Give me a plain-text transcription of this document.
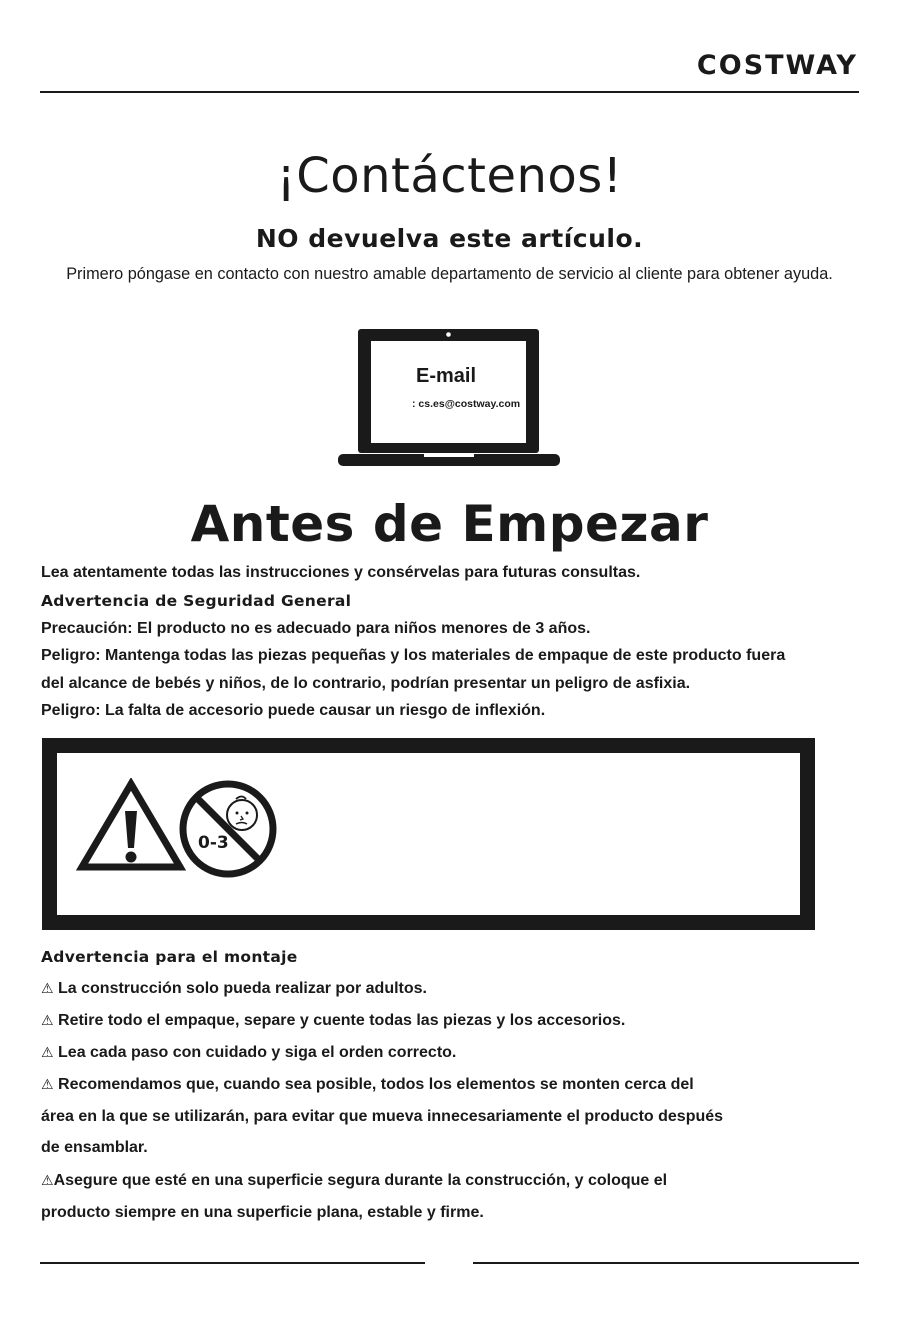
COSTWAY
¡Contáctenos!
NO devuelva este artículo.
Primero póngase en contacto con nuestro amable departamento de servicio al cliente para obtener ayuda.
E-mail
: cs.es@costway.com
Antes de Empezar
Lea atentamente todas las instrucciones y consérvelas para futuras consultas.
Advertencia de Seguridad General
Precaución: El producto no es adecuado para niños menores de 3 años.
Peligro: Mantenga todas las piezas pequeñas y los materiales de empaque de este producto fuera
del alcance de bebés y niños, de lo contrario, podrían presentar un peligro de asfixia.
Peligro: La falta de accesorio puede causar un riesgo de inflexión.
0-3
Advertencia para el montaje
⚠ La construcción solo pueda realizar por adultos.
⚠ Retire todo el empaque, separe y cuente todas las piezas y los accesorios.
⚠ Lea cada paso con cuidado y siga el orden correcto.
⚠ Recomendamos que, cuando sea posible, todos los elementos se monten cerca del
área en la que se utilizarán, para evitar que mueva innecesariamente el producto después
de ensamblar.
⚠Asegure que esté en una superficie segura durante la construcción, y coloque el
producto siempre en una superficie plana, estable y firme.
